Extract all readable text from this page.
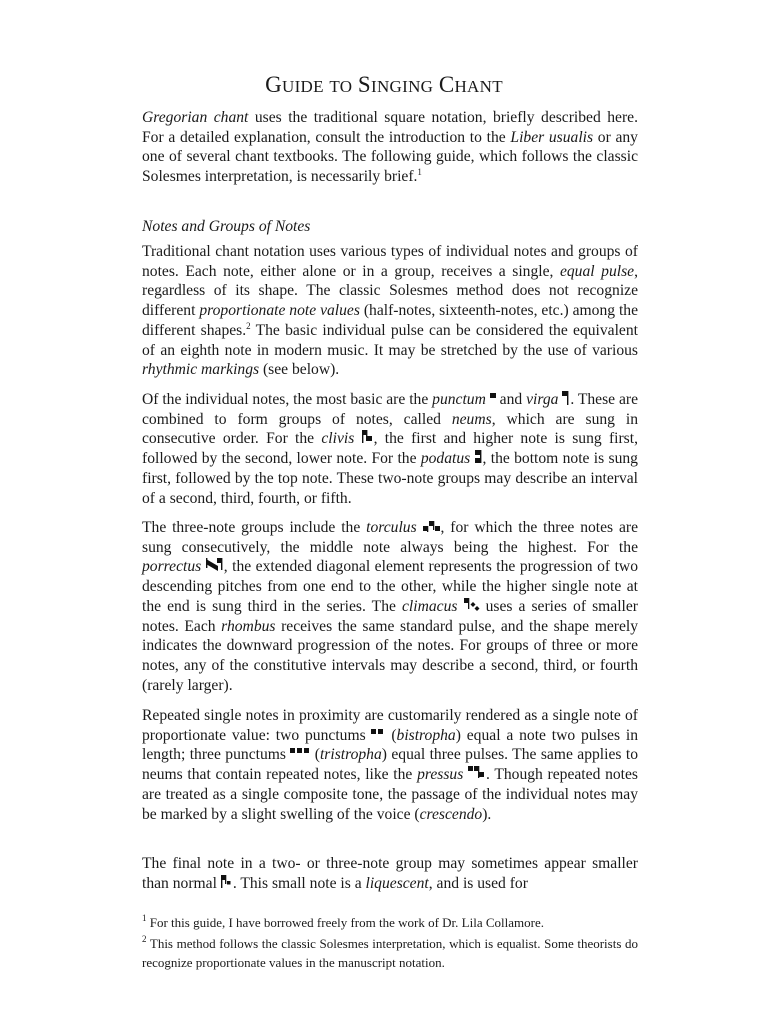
GUIDE TO SINGING CHANT

Gregorian chant uses the traditional square notation, briefly described here. For a detailed explanation, consult the introduction to the Liber usualis or any one of several chant textbooks. The following guide, which follows the classic Solesmes interpretation, is necessarily brief.$^1$

Notes and Groups of Notes

Traditional chant notation uses various types of individual notes and groups of notes. Each note, either alone or in a group, receives a single, equal pulse, regardless of its shape. The classic Solesmes method does not recognize different proportionate note values (half-notes, sixteenth-notes, etc.) among the different shapes.$^2$ The basic individual pulse can be considered the equivalent of an eighth note in modern music. It may be stretched by the use of various rhythmic markings (see below).

Of the individual notes, the most basic are the punctum
and virga . These are combined to form groups of notes, called neums, which are sung in consecutive order. For the clivis , the first and higher note is sung first, followed by the second, lower note. For the podatus , the bottom note is sung first, followed by the top note. These two-note groups may describe an interval of a second, third, fourth, or fifth.

The three-note groups include the torculus , for which the three notes are sung consecutively, the middle note always being the highest. For the porrectus , the extended diagonal element represents the progression of two descending pitches from one end to the other, while the higher single note at the end is sung third in the series. The climacus
uses a series of smaller notes. Each rhombus receives the same standard pulse, and the shape merely indicates the downward progression of the notes. For groups of three or more notes, any of the constitutive intervals may describe a second, third, or fourth (rarely larger).

Repeated single notes in proximity are customarily rendered as a single note of proportionate value: two punctums
(bistropha) equal a note two pulses in length; three punctums
(tristropha) equal three pulses. The same applies to neums that contain repeated notes, like the pressus . Though repeated notes are treated as a single composite tone, the passage of the individual notes may be marked by a slight swelling of the voice (crescendo).

The final note in a two- or three-note group may sometimes appear smaller than normal
. This small note is a liquescent, and is used for

$^1$ For this guide, I have borrowed freely from the work of Dr. Lila Collamore.

$^2$ This method follows the classic Solesmes interpretation, which is equalist. Some theorists do recognize proportionate values in the manuscript notation.
